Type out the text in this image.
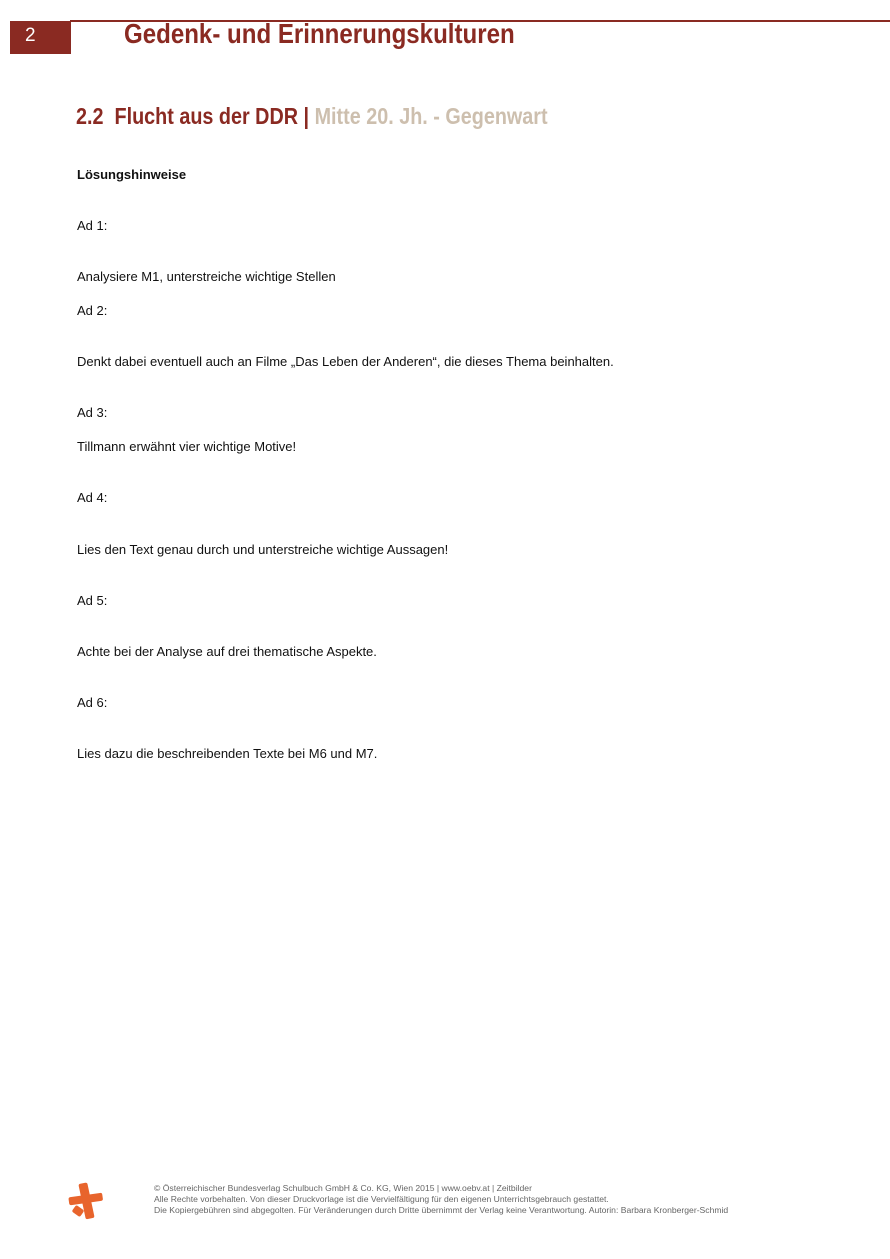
2	Gedenk- und Erinnerungskulturen
2.2 Flucht aus der DDR | Mitte 20. Jh. - Gegenwart
Lösungshinweise
Ad 1:
Analysiere M1, unterstreiche wichtige Stellen
Ad 2:
Denkt dabei eventuell auch an Filme „Das Leben der Anderen“, die dieses Thema beinhalten.
Ad 3:
Tillmann erwähnt vier wichtige Motive!
Ad 4:
Lies den Text genau durch und unterstreiche wichtige Aussagen!
Ad 5:
Achte bei der Analyse auf drei thematische Aspekte.
Ad 6:
Lies dazu die beschreibenden Texte bei M6 und M7.
© Österreichischer Bundesverlag Schulbuch GmbH & Co. KG, Wien 2015 | www.oebv.at | Zeitbilder
Alle Rechte vorbehalten. Von dieser Druckvorlage ist die Vervielfältigung für den eigenen Unterrichtsgebrauch gestattet.
Die Kopiergebühren sind abgegolten. Für Veränderungen durch Dritte übernimmt der Verlag keine Verantwortung. Autorin: Barbara Kronberger-Schmid
